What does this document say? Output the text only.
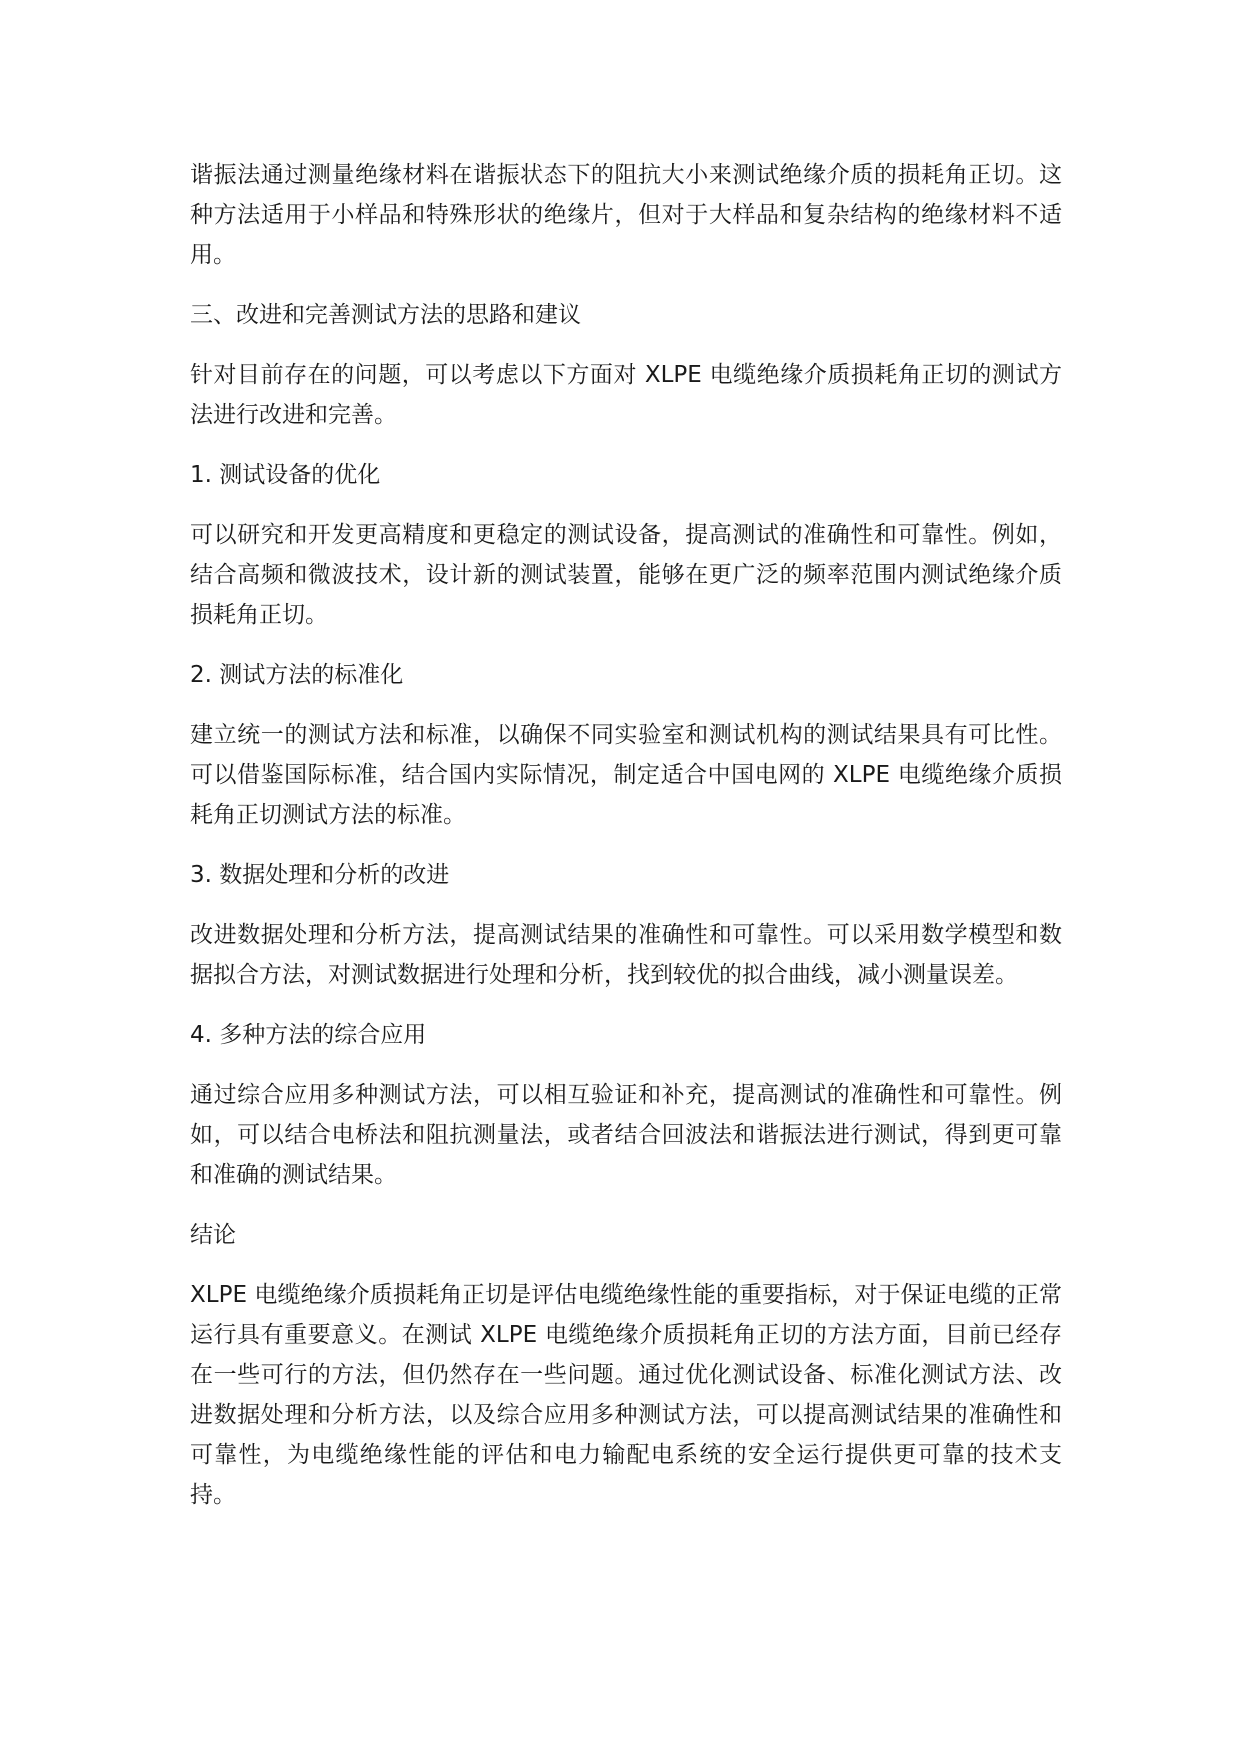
谐振法通过测量绝缘材料在谐振状态下的阻抗大小来测试绝缘介质的损耗角正切。这种方法适用于小样品和特殊形状的绝缘片，但对于大样品和复杂结构的绝缘材料不适用。

三、改进和完善测试方法的思路和建议

针对目前存在的问题，可以考虑以下方面对 XLPE 电缆绝缘介质损耗角正切的测试方法进行改进和完善。

1. 测试设备的优化

可以研究和开发更高精度和更稳定的测试设备，提高测试的准确性和可靠性。例如，结合高频和微波技术，设计新的测试装置，能够在更广泛的频率范围内测试绝缘介质损耗角正切。

2. 测试方法的标准化

建立统一的测试方法和标准，以确保不同实验室和测试机构的测试结果具有可比性。可以借鉴国际标准，结合国内实际情况，制定适合中国电网的 XLPE 电缆绝缘介质损耗角正切测试方法的标准。

3. 数据处理和分析的改进

改进数据处理和分析方法，提高测试结果的准确性和可靠性。可以采用数学模型和数据拟合方法，对测试数据进行处理和分析，找到较优的拟合曲线，减小测量误差。

4. 多种方法的综合应用

通过综合应用多种测试方法，可以相互验证和补充，提高测试的准确性和可靠性。例如，可以结合电桥法和阻抗测量法，或者结合回波法和谐振法进行测试，得到更可靠和准确的测试结果。

结论

XLPE 电缆绝缘介质损耗角正切是评估电缆绝缘性能的重要指标，对于保证电缆的正常运行具有重要意义。在测试 XLPE 电缆绝缘介质损耗角正切的方法方面，目前已经存在一些可行的方法，但仍然存在一些问题。通过优化测试设备、标准化测试方法、改进数据处理和分析方法，以及综合应用多种测试方法，可以提高测试结果的准确性和可靠性，为电缆绝缘性能的评估和电力输配电系统的安全运行提供更可靠的技术支持。
